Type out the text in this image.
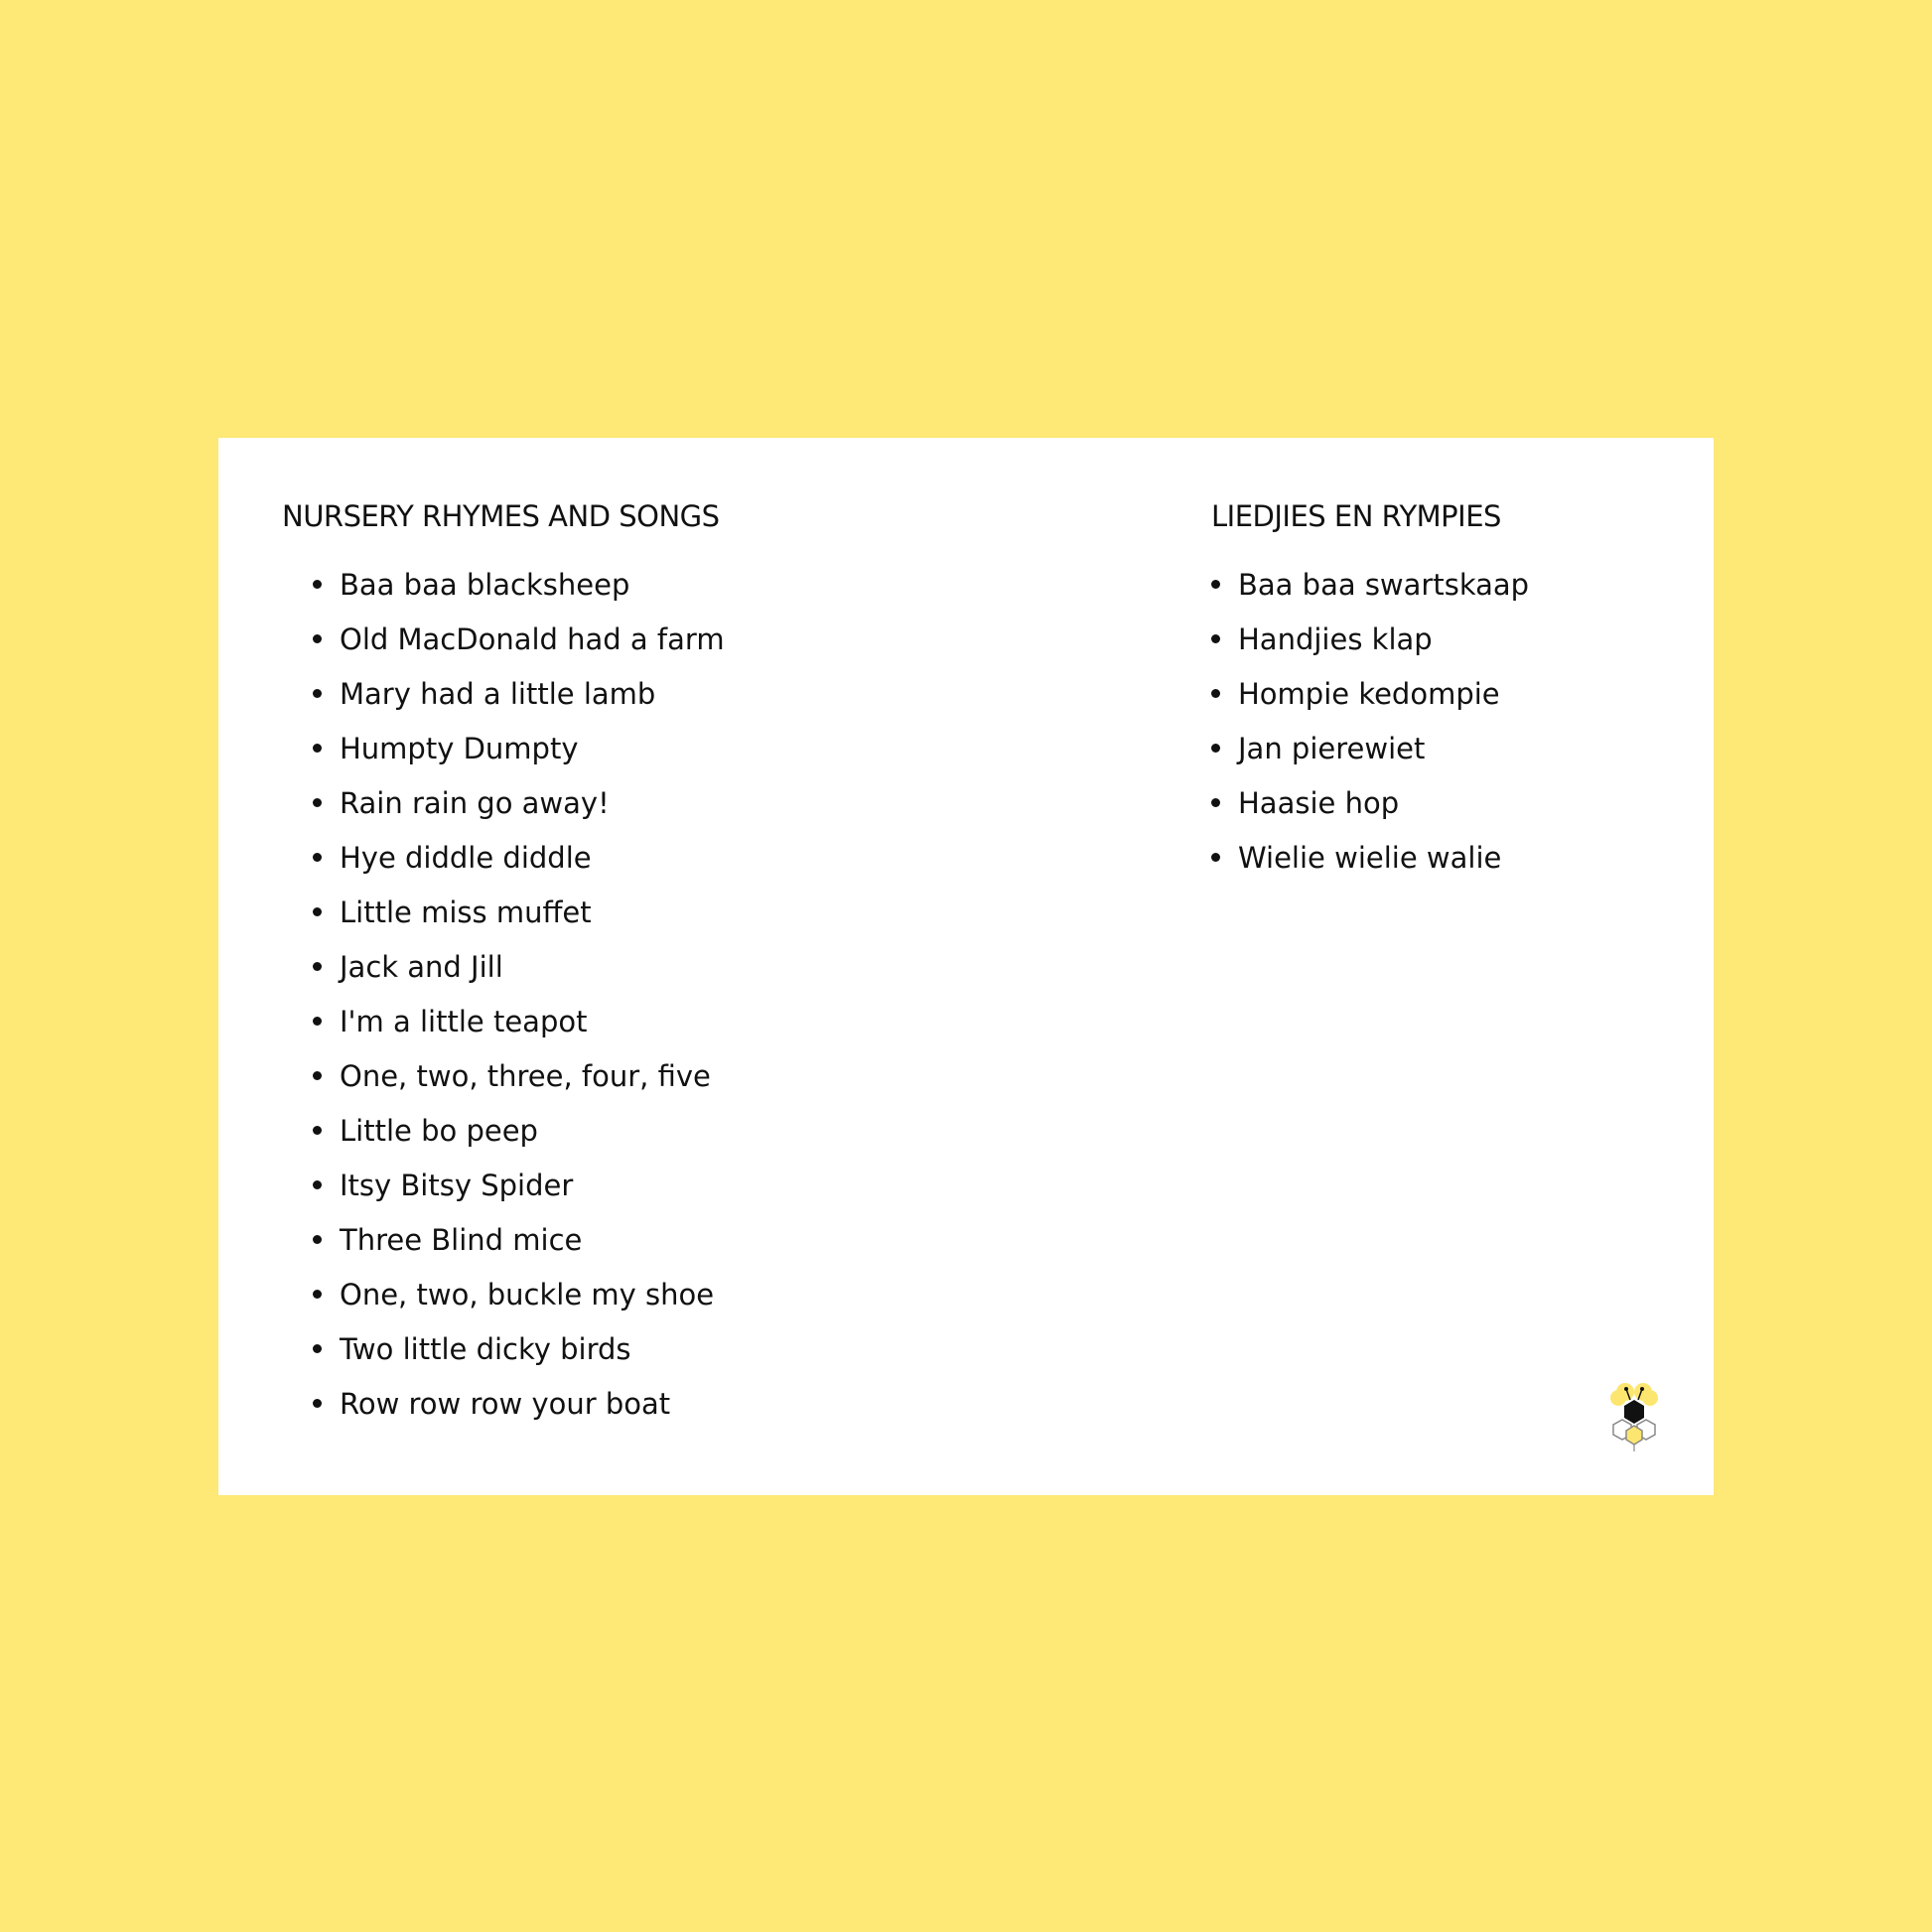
NURSERY RHYMES AND SONGS
Baa baa blacksheep
Old MacDonald had a farm
Mary had a little lamb
Humpty Dumpty
Rain rain go away!
Hye diddle diddle
Little miss muffet
Jack and Jill
I'm a little teapot
One, two, three, four, five
Little bo peep
Itsy Bitsy Spider
Three Blind mice
One, two, buckle my shoe
Two little dicky birds
Row row row your boat
LIEDJIES EN RYMPIES
Baa baa swartskaap
Handjies klap
Hompie kedompie
Jan pierewiet
Haasie hop
Wielie wielie walie
